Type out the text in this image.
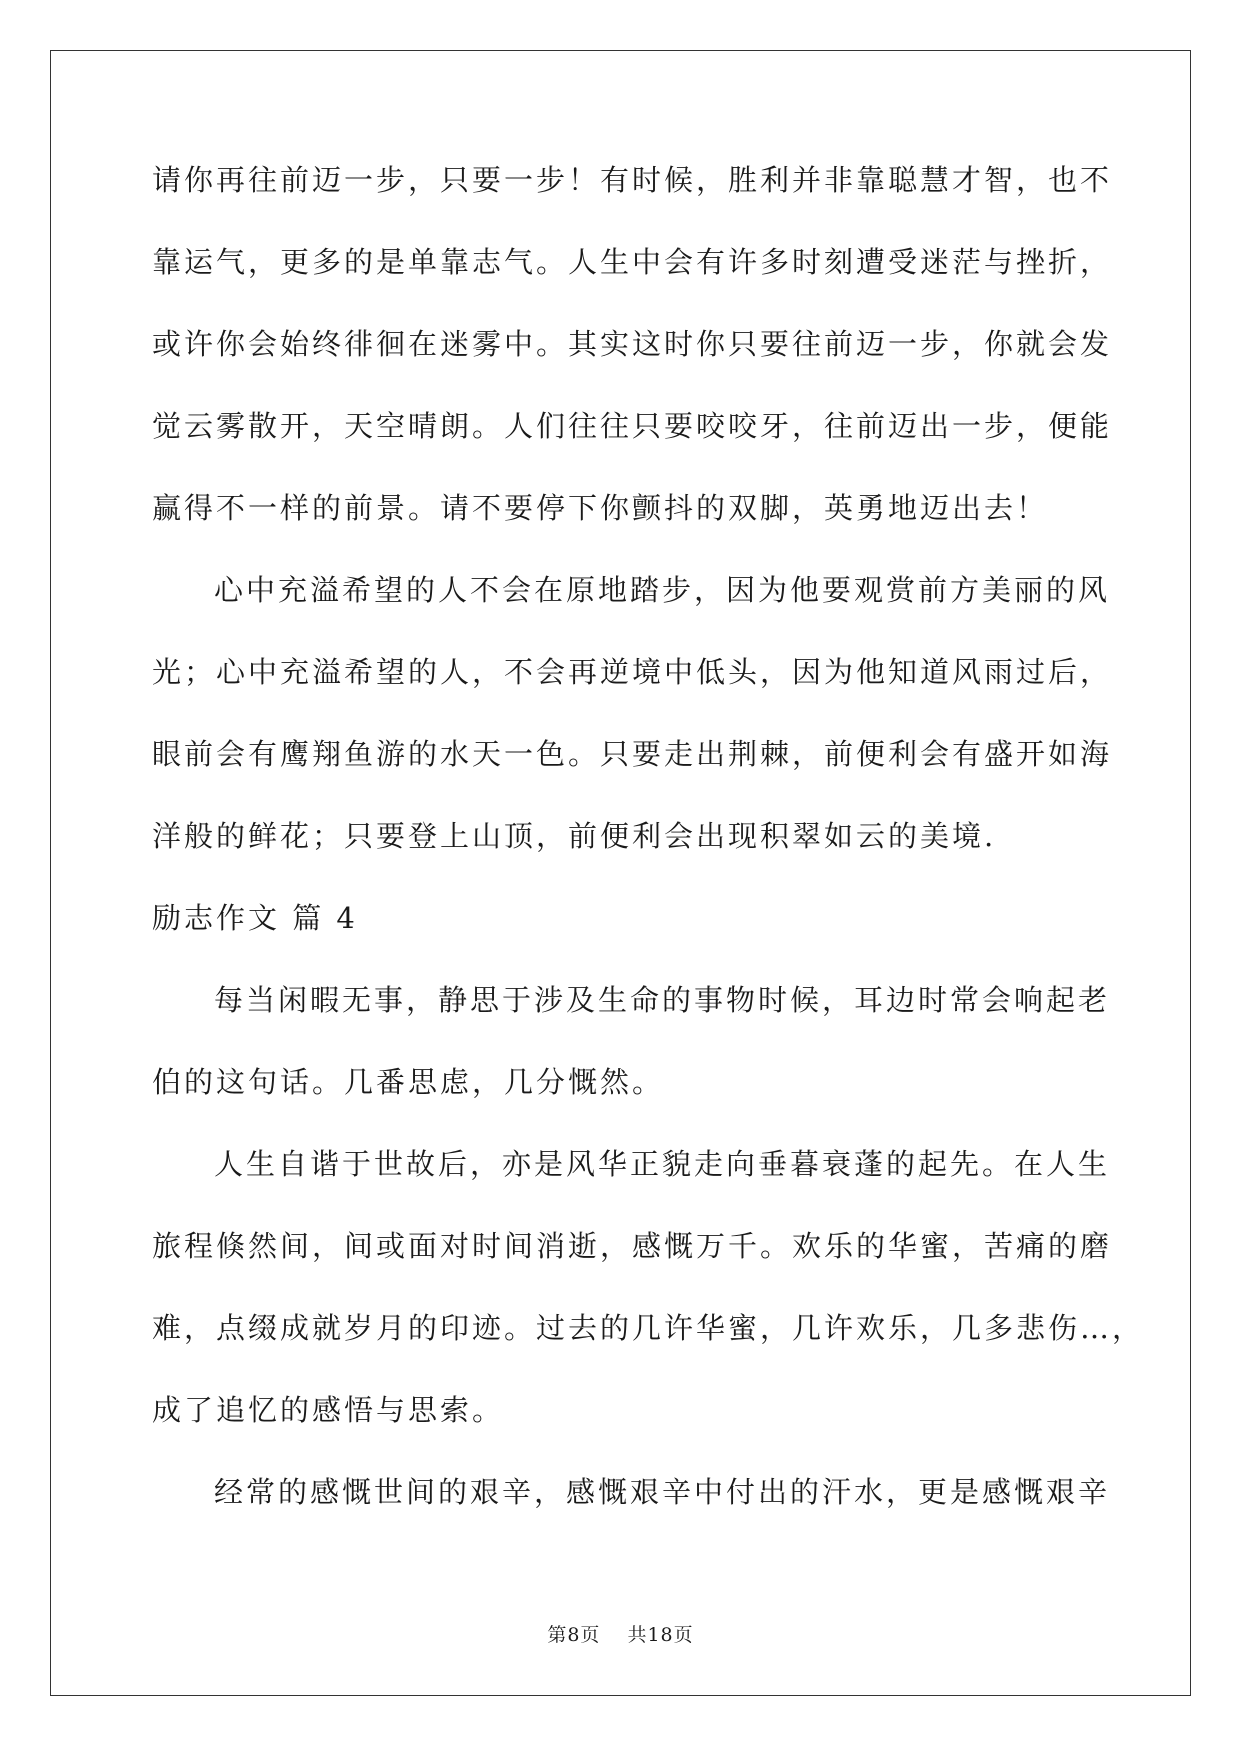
请你再往前迈一步，只要一步！有时候，胜利并非靠聪慧才智，也不
靠运气，更多的是单靠志气。人生中会有许多时刻遭受迷茫与挫折，
或许你会始终徘徊在迷雾中。其实这时你只要往前迈一步，你就会发
觉云雾散开，天空晴朗。人们往往只要咬咬牙，往前迈出一步，便能
赢得不一样的前景。请不要停下你颤抖的双脚，英勇地迈出去！
心中充溢希望的人不会在原地踏步，因为他要观赏前方美丽的风
光；心中充溢希望的人，不会再逆境中低头，因为他知道风雨过后，
眼前会有鹰翔鱼游的水天一色。只要走出荆棘，前便利会有盛开如海
洋般的鲜花；只要登上山顶，前便利会出现积翠如云的美境.
励志作文 篇 4
每当闲暇无事，静思于涉及生命的事物时候，耳边时常会响起老
伯的这句话。几番思虑，几分慨然。
人生自谐于世故后，亦是风华正貌走向垂暮衰蓬的起先。在人生
旅程倏然间，间或面对时间消逝，感慨万千。欢乐的华蜜，苦痛的磨
难，点缀成就岁月的印迹。过去的几许华蜜，几许欢乐，几多悲伤…，
成了追忆的感悟与思索。
经常的感慨世间的艰辛，感慨艰辛中付出的汗水，更是感慨艰辛
第8页 共18页
